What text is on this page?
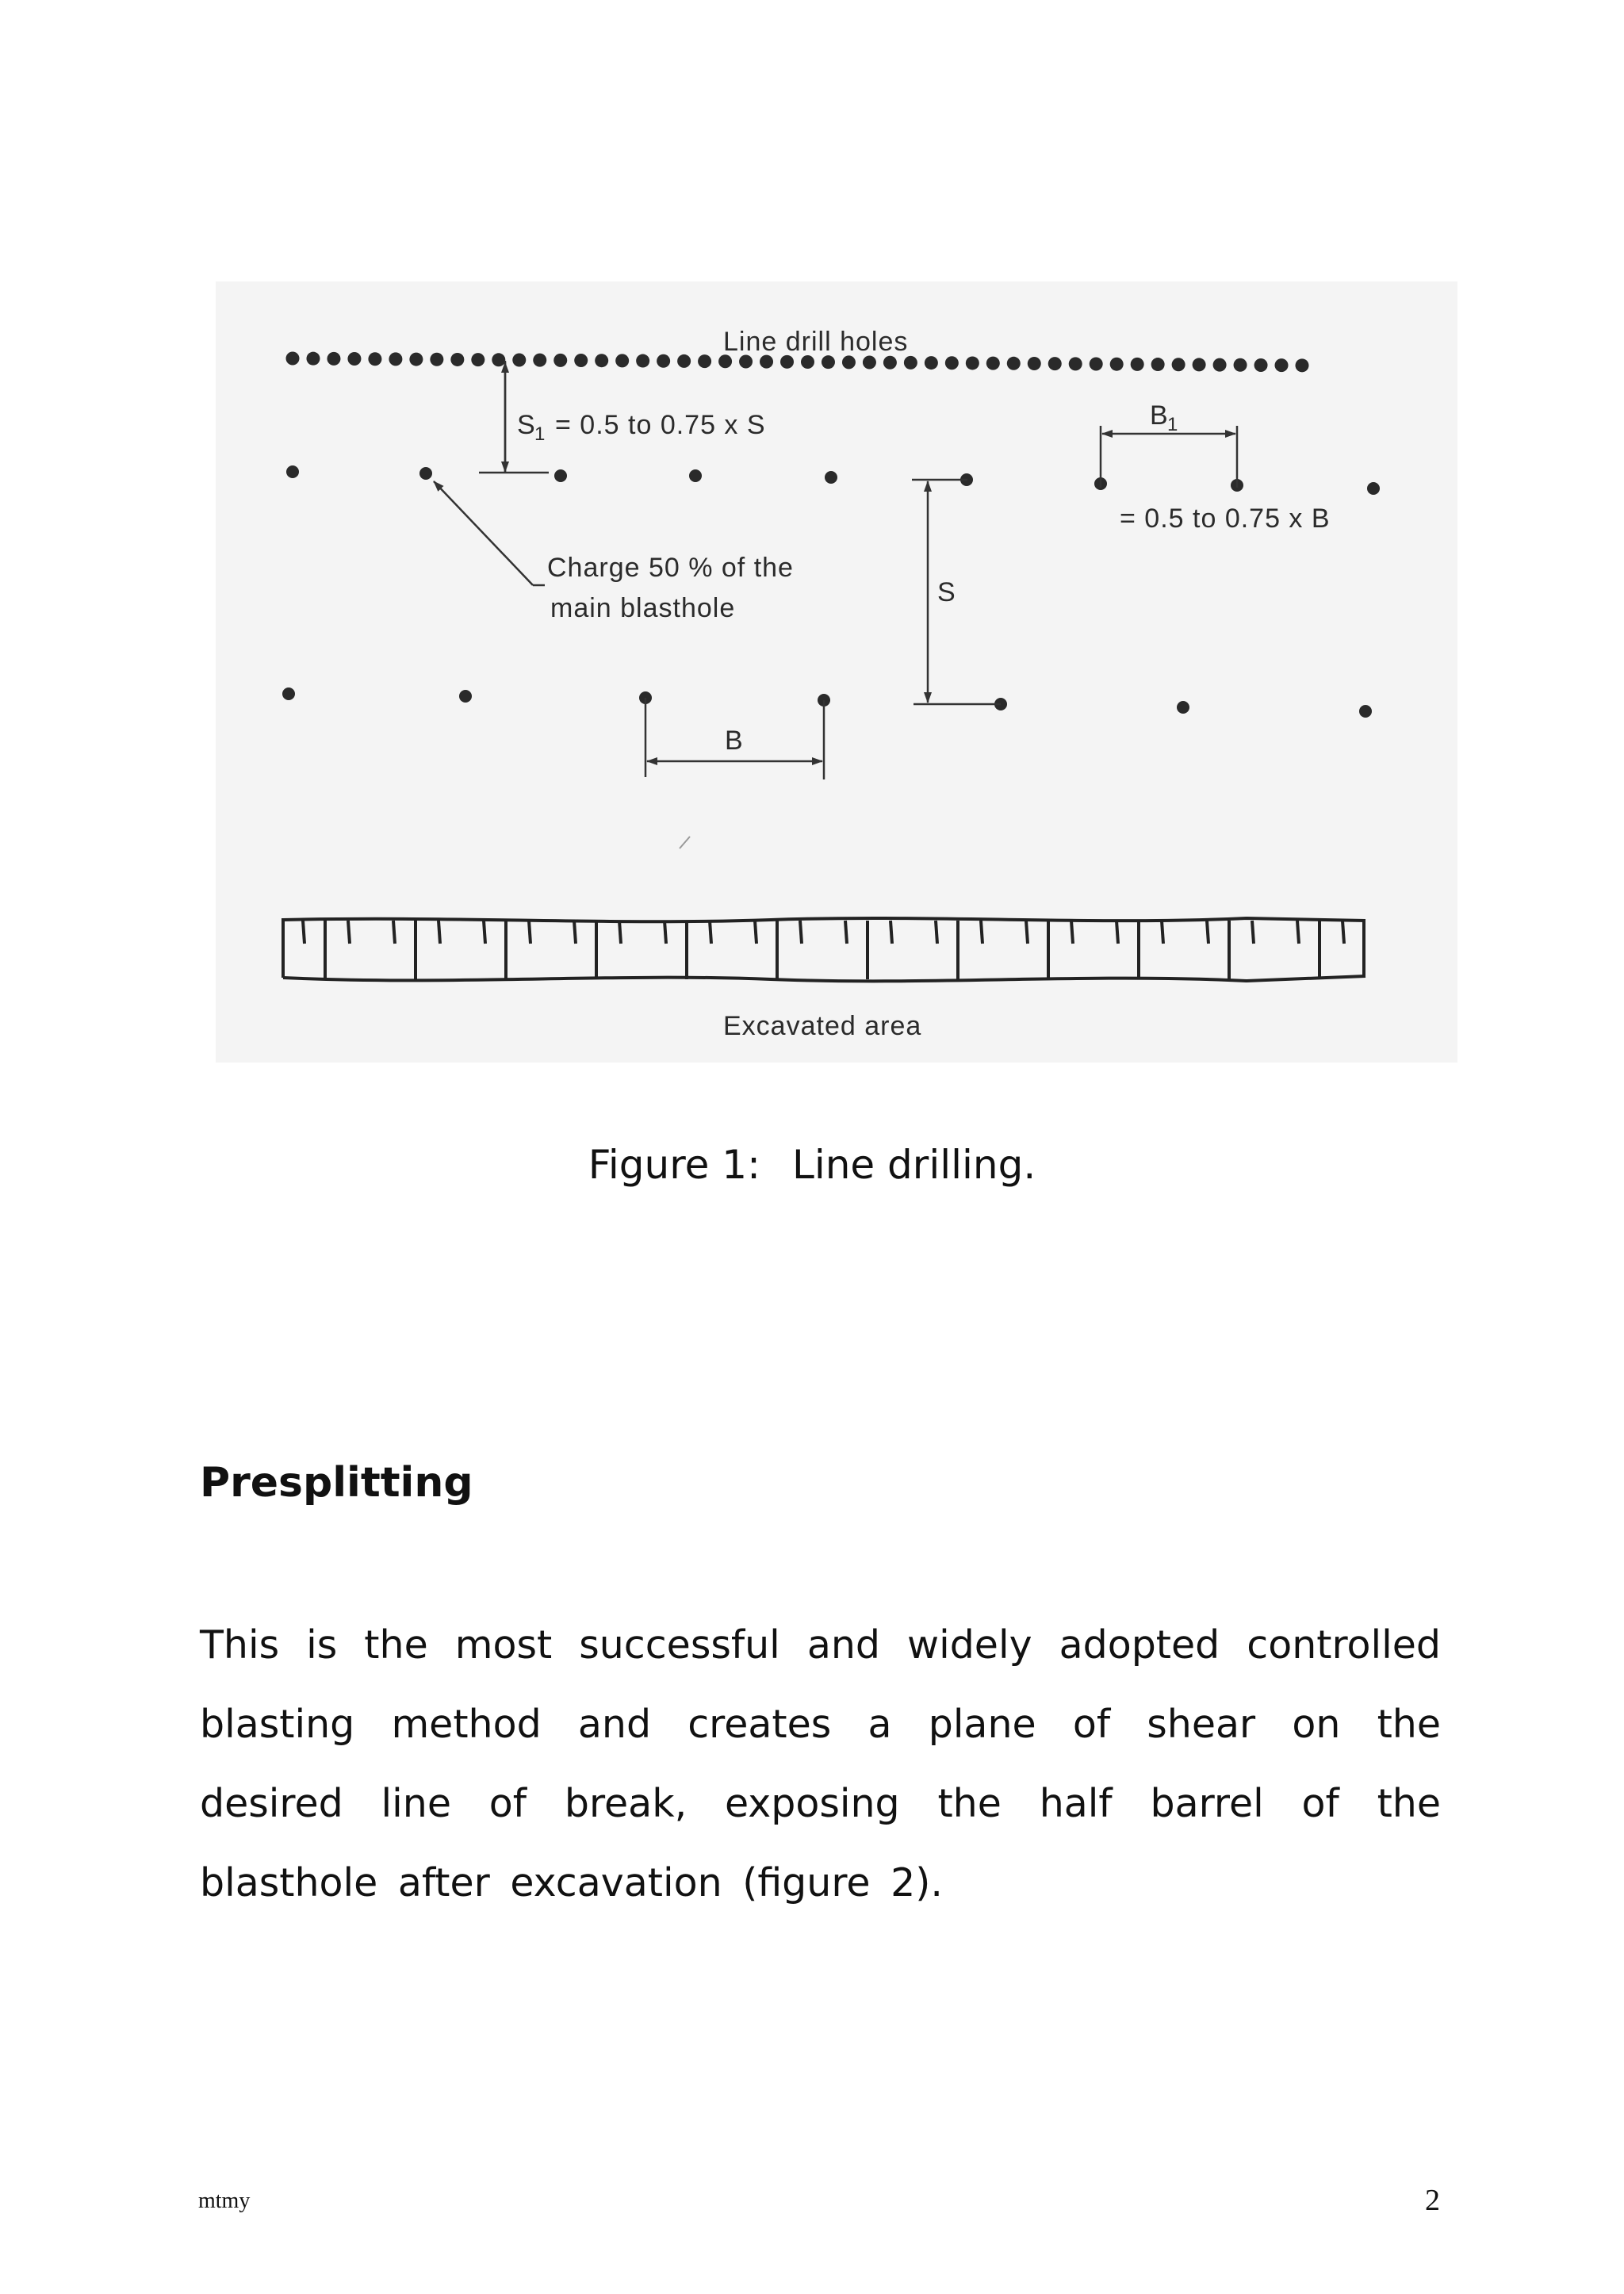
Line drill holes
S
1 = 0.5 to 0.75 x S	B
1
= 0.5 to 0.75 x B
Charge 50 % of the
main blasthole
S
B
Excavated area
Figure 1: Line drilling.
Presplitting
This is the most successful and widely adopted controlled blasting method and creates a plane of shear on the desired line of break, exposing the half barrel of the blasthole after excavation (figure 2).
mtmy	2
